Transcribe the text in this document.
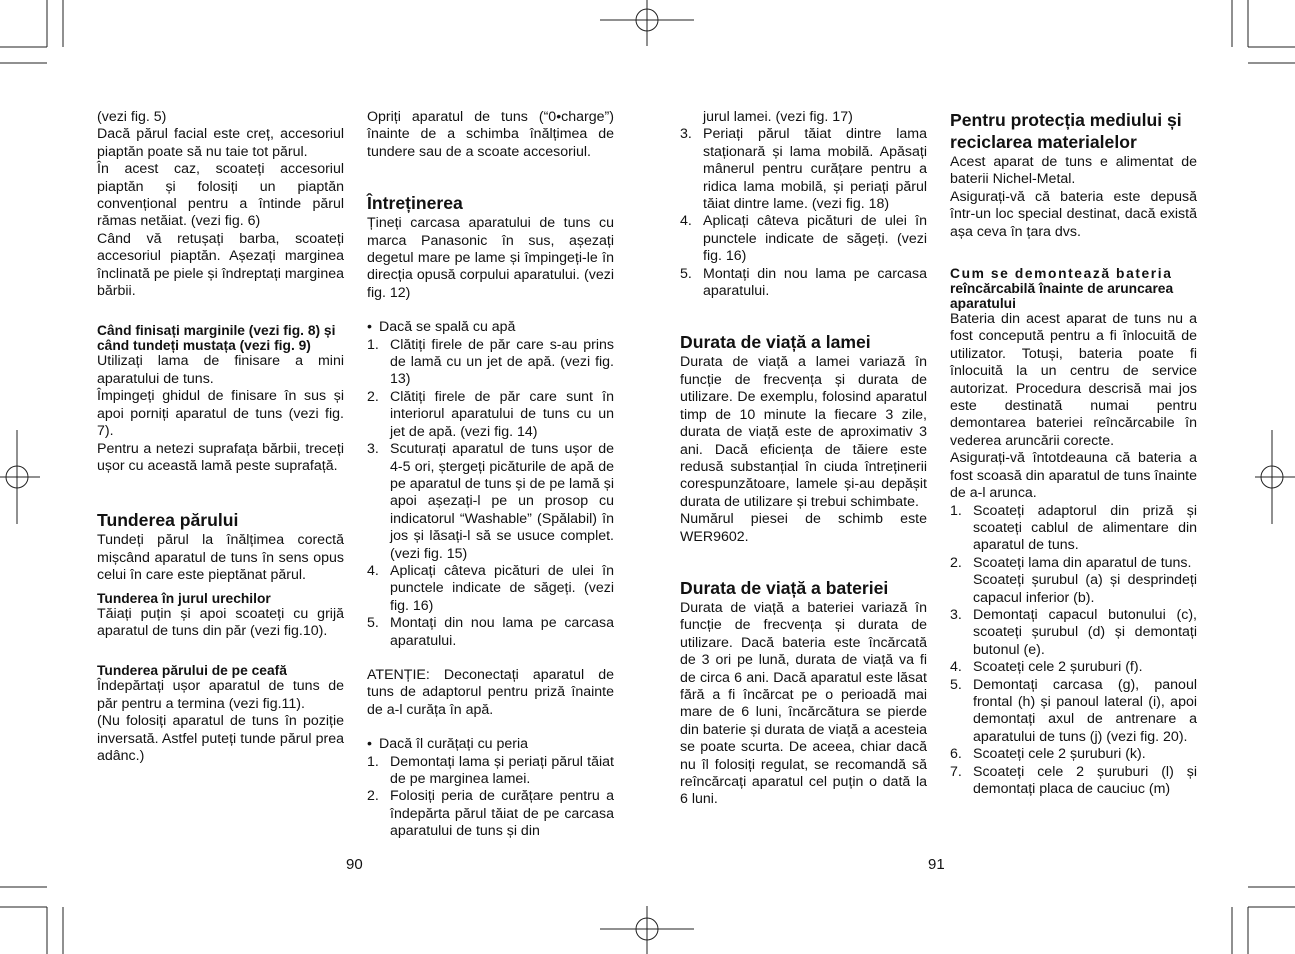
(vezi fig. 5)

Dacă părul facial este creț, accesoriul piaptăn poate să nu taie tot părul.

În acest caz, scoateți accesoriul piaptăn și folosiți un piaptăn convențional pentru a întinde părul rămas netăiat. (vezi fig. 6)

Când vă retușați barba, scoateți accesoriul piaptăn. Așezați marginea înclinată pe piele și îndreptați marginea bărbii.

Când finisați marginile (vezi fig. 8) și când tundeți mustața (vezi fig. 9)

Utilizați lama de finisare a mini aparatului de tuns.

Împingeți ghidul de finisare în sus și apoi porniți aparatul de tuns (vezi fig. 7).

Pentru a netezi suprafața bărbii, treceți ușor cu această lamă peste suprafață.

Tunderea părului

Tundeți părul la înălțimea corectă mișcând aparatul de tuns în sens opus celui în care este pieptănat părul.

Tunderea în jurul urechilor

Tăiați puțin și apoi scoateți cu grijă aparatul de tuns din păr (vezi fig.10).

Tunderea părului de pe ceafă

Îndepărtați ușor aparatul de tuns de păr pentru a termina (vezi fig.11).

(Nu folosiți aparatul de tuns în poziție inversată. Astfel puteți tunde părul prea adânc.)

Opriți aparatul de tuns (“0•charge”) înainte de a schimba înălțimea de tundere sau de a scoate accesoriul.

Întreținerea

Țineți carcasa aparatului de tuns cu marca Panasonic în sus, așezați degetul mare pe lame și împingeți-le în direcția opusă corpului aparatului. (vezi fig. 12)

• Dacă se spală cu apă

1. Clătiți firele de păr care s-au prins de lamă cu un jet de apă. (vezi fig. 13)
2. Clătiți firele de păr care sunt în interiorul aparatului de tuns cu un jet de apă. (vezi fig. 14)
3. Scuturați aparatul de tuns ușor de 4-5 ori, ștergeți picăturile de apă de pe aparatul de tuns și de pe lamă și apoi așezați-l pe un prosop cu indicatorul “Washable” (Spălabil) în jos și lăsați-l să se usuce complet. (vezi fig. 15)
4. Aplicați câteva picături de ulei în punctele indicate de săgeți. (vezi fig. 16)
5. Montați din nou lama pe carcasa aparatului.

ATENȚIE: Deconectați aparatul de tuns de adaptorul pentru priză înainte de a-l curăța în apă.

• Dacă îl curățați cu peria

1. Demontați lama și periați părul tăiat de pe marginea lamei.
2. Folosiți peria de curățare pentru a îndepărta părul tăiat de pe carcasa aparatului de tuns și din

jurul lamei. (vezi fig. 17)

3. Periați părul tăiat dintre lama staționară și lama mobilă. Apăsați mânerul pentru curățare pentru a ridica lama mobilă, și periați părul tăiat dintre lame. (vezi fig. 18)
4. Aplicați câteva picături de ulei în punctele indicate de săgeți. (vezi fig. 16)
5. Montați din nou lama pe carcasa aparatului.
Durata de viață a lamei

Durata de viață a lamei variază în funcție de frecvența și durata de utilizare. De exemplu, folosind aparatul timp de 10 minute la fiecare 3 zile, durata de viață este de aproximativ 3 ani. Dacă eficiența de tăiere este redusă substanțial în ciuda întreținerii corespunzătoare, lamele și-au depășit durata de utilizare și trebui schimbate.

Numărul piesei de schimb este WER9602.

Durata de viață a bateriei

Durata de viață a bateriei variază în funcție de frecvența și durata de utilizare. Dacă bateria este încărcată de 3 ori pe lună, durata de viață va fi de circa 6 ani. Dacă aparatul este lăsat fără a fi încărcat pe o perioadă mai mare de 6 luni, încărcătura se pierde din baterie și durata de viață a acesteia se poate scurta. De aceea, chiar dacă nu îl folosiți regulat, se recomandă să reîncărcați aparatul cel puțin o dată la 6 luni.

Pentru protecția mediului și reciclarea materialelor

Acest aparat de tuns e alimentat de baterii Nichel-Metal.

Asigurați-vă că bateria este depusă într-un loc special destinat, dacă există așa ceva în țara dvs.

Cum se demontează bateria
reîncărcabilă înainte de aruncarea aparatului

Bateria din acest aparat de tuns nu a fost concepută pentru a fi înlocuită de utilizator. Totuși, bateria poate fi înlocuită la un centru de service autorizat. Procedura descrisă mai jos este destinată numai pentru demontarea bateriei reîncărcabile în vederea aruncării corecte.

Asigurați-vă întotdeauna că bateria a fost scoasă din aparatul de tuns înainte de a-l arunca.

1. Scoateți adaptorul din priză și scoateți cablul de alimentare din aparatul de tuns.
2. Scoateți lama din aparatul de tuns.
Scoateți șurubul (a) și desprindeți capacul inferior (b).
3. Demontați capacul butonului (c), scoateți șurubul (d) și demontați butonul (e).
4. Scoateți cele 2 șuruburi (f).
5. Demontați carcasa (g), panoul frontal (h) și panoul lateral (i), apoi demontați axul de antrenare a aparatului de tuns (j) (vezi fig. 20).
6. Scoateți cele 2 șuruburi (k).
7. Scoateți cele 2 șuruburi (l) și demontați placa de cauciuc (m)
90	91
